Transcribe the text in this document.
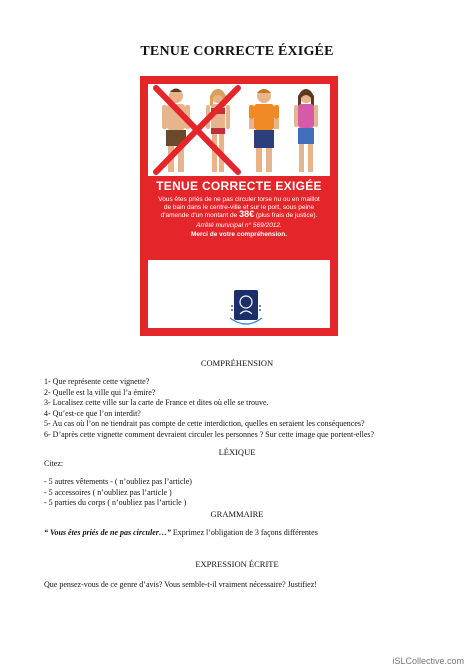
TENUE CORRECTE ÉXIGÉE
TENUE CORRECTE EXIGÉE
Vous êtes priés de ne pas circuler torse nu ou en maillot de bain dans le centre-ville et sur le port, sous peine d'amende d'un montant de 38€ (plus frais de justice).
Arrêté municipal n° 569/2012.
Merci de votre compréhension.
COMPRÉHENSION
1- Que représente cette vignette?
2- Quelle est la ville qui l’a émire?
3- Localisez cette ville sur la carte de France et dites où elle se trouve.
4- Qu’est-ce que l’on interdit?
5- Au cas où l’on ne tiendrait pas compte de cette interdiction, quelles en seraient les conséquences?
6- D’après cette vignette comment devraient circuler les personnes ? Sur cette image que portent-elles?
LÉXIQUE
Citez:
- 5 autres vêtements - ( n’oubliez pas l’article)
- 5 accessoires ( n’oubliez pas l’article )
- 5 parties du corps ( n’oubliez pas l’article )
GRAMMAIRE
“ Vous êtes priés de ne pas circuler…” Exprimez l’obligation de 3 façons différentes
EXPRESSION ÉCRITE
Que pensez-vous de ce genre d’avis? Vous semble-t-il vraiment nécessaire? Justifiez!
iSLCollective.com
